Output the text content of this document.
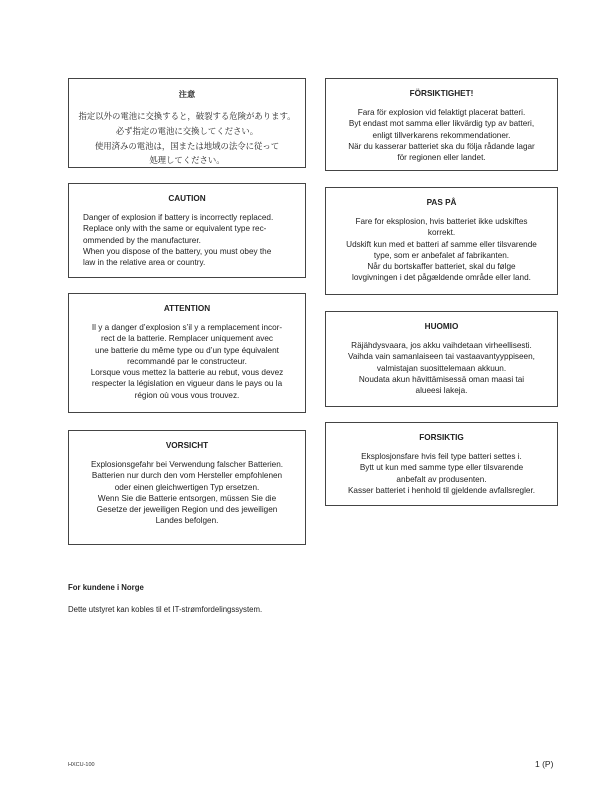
注意
指定以外の電池に交換すると，破裂する危険があります。
必ず指定の電池に交換してください。
使用済みの電池は，国または地域の法令に従って
処理してください。
CAUTION
Danger of explosion if battery is incorrectly replaced.
Replace only with the same or equivalent type rec-
ommended by the manufacturer.
When you dispose of the battery, you must obey the
law in the relative area or country.
ATTENTION
Il y a danger d’explosion s’il y a remplacement incor-
rect de la batterie. Remplacer uniquement avec
une batterie du même type ou d’un type équivalent
recommandé par le constructeur.
Lorsque vous mettez la batterie au rebut, vous devez
respecter la législation en vigueur dans le pays ou la
région où vous vous trouvez.
VORSICHT
Explosionsgefahr bei Verwendung falscher Batterien.
Batterien nur durch den vom Hersteller empfohlenen
oder einen gleichwertigen Typ ersetzen.
Wenn Sie die Batterie entsorgen, müssen Sie die
Gesetze der jeweiligen Region und des jeweiligen
Landes befolgen.
FÖRSIKTIGHET!
Fara för explosion vid felaktigt placerat batteri.
Byt endast mot samma eller likvärdig typ av batteri,
enligt tillverkarens rekommendationer.
När du kasserar batteriet ska du följa rådande lagar
för regionen eller landet.
PAS PÅ
Fare for eksplosion, hvis batteriet ikke udskiftes
korrekt.
Udskift kun med et batteri af samme eller tilsvarende
type, som er anbefalet af fabrikanten.
Når du bortskaffer batteriet, skal du følge
lovgivningen i det pågældende område eller land.
HUOMIO
Räjähdysvaara, jos akku vaihdetaan virheellisesti.
Vaihda vain samanlaiseen tai vastaavantyyppiseen,
valmistajan suosittelemaan akkuun.
Noudata akun hävittämisessä oman maasi tai
alueesi lakeja.
FORSIKTIG
Eksplosjonsfare hvis feil type batteri settes i.
Bytt ut kun med samme type eller tilsvarende
anbefalt av produsenten.
Kasser batteriet i henhold til gjeldende avfallsregler.
For kundene i Norge
Dette utstyret kan kobles til et IT-strømfordelingssystem.
HXCU-100	1 (P)
